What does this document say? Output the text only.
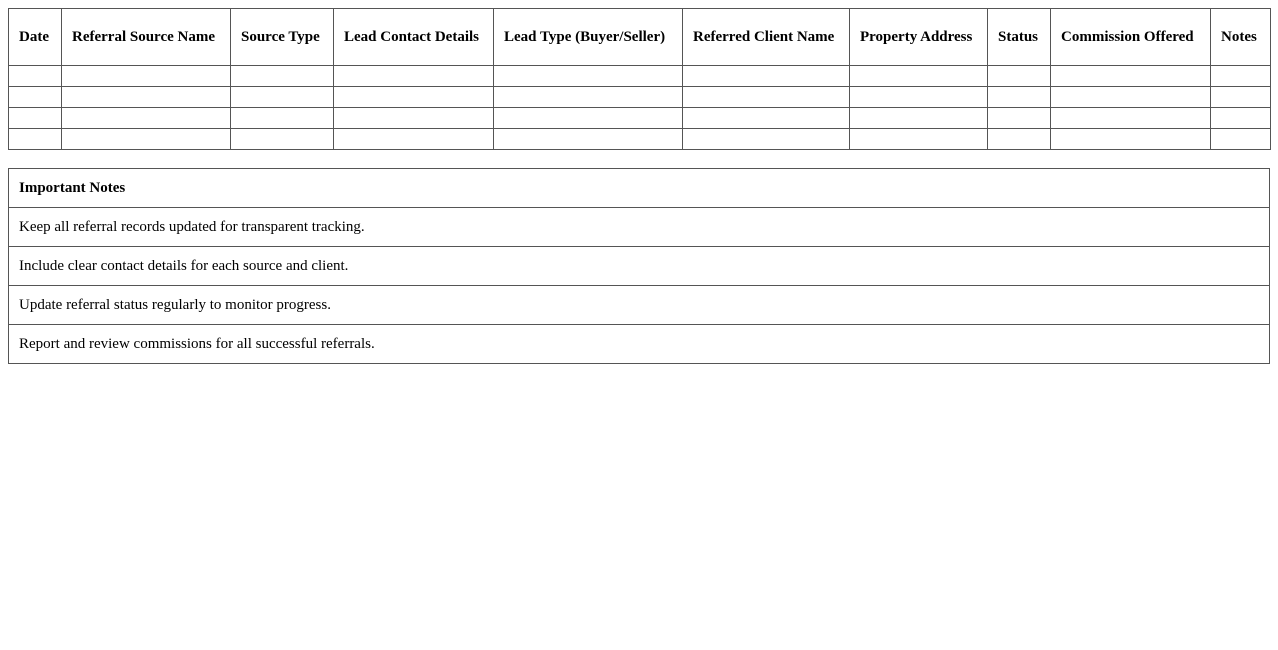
Date	Referral Source Name	Source Type	Lead Contact Details	Lead Type (Buyer/Seller)	Referred Client Name	Property Address	Status	Commission Offered	Notes

Important Notes
Keep all referral records updated for transparent tracking.
Include clear contact details for each source and client.
Update referral status regularly to monitor progress.
Report and review commissions for all successful referrals.
